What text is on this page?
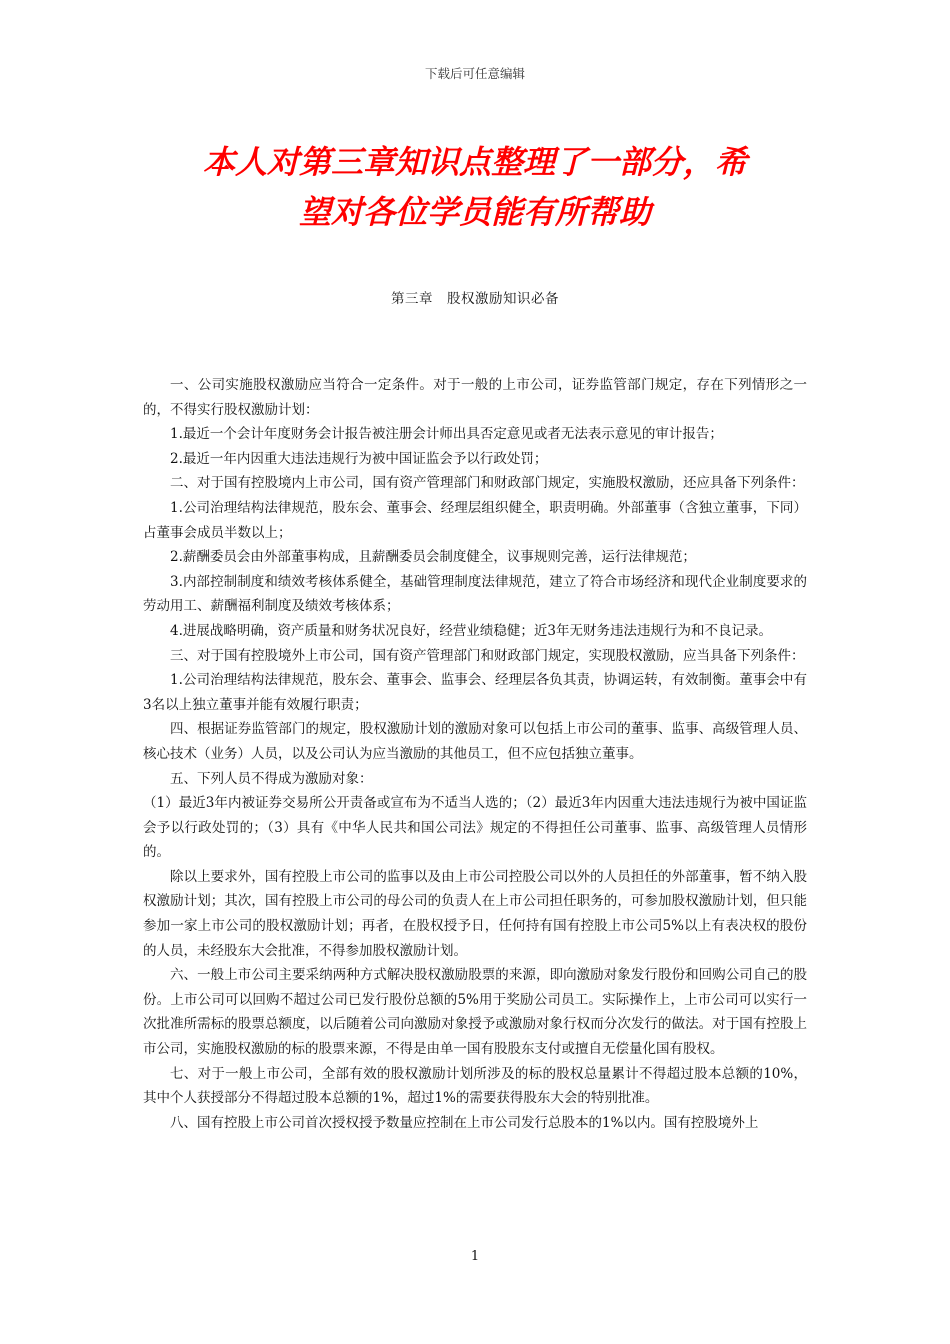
下载后可任意编辑
本人对第三章知识点整理了一部分，希
望对各位学员能有所帮助
第三章　股权激励知识必备

一、公司实施股权激励应当符合一定条件。对于一般的上市公司，证券监管部门规定，存在下列情形之一的，不得实行股权激励计划：

1.最近一个会计年度财务会计报告被注册会计师出具否定意见或者无法表示意见的审计报告；

2.最近一年内因重大违法违规行为被中国证监会予以行政处罚；

二、对于国有控股境内上市公司，国有资产管理部门和财政部门规定，实施股权激励，还应具备下列条件：

1.公司治理结构法律规范，股东会、董事会、经理层组织健全，职责明确。外部董事（含独立董事，下同）占董事会成员半数以上；

2.薪酬委员会由外部董事构成，且薪酬委员会制度健全，议事规则完善，运行法律规范；

3.内部控制制度和绩效考核体系健全，基础管理制度法律规范，建立了符合市场经济和现代企业制度要求的劳动用工、薪酬福利制度及绩效考核体系；

4.进展战略明确，资产质量和财务状况良好，经营业绩稳健；近3年无财务违法违规行为和不良记录。

三、对于国有控股境外上市公司，国有资产管理部门和财政部门规定，实现股权激励，应当具备下列条件：

1.公司治理结构法律规范，股东会、董事会、监事会、经理层各负其责，协调运转，有效制衡。董事会中有3名以上独立董事并能有效履行职责；

四、根据证券监管部门的规定，股权激励计划的激励对象可以包括上市公司的董事、监事、高级管理人员、核心技术（业务）人员，以及公司认为应当激励的其他员工，但不应包括独立董事。

五、下列人员不得成为激励对象：

（1）最近3年内被证券交易所公开责备或宣布为不适当人选的；（2）最近3年内因重大违法违规行为被中国证监会予以行政处罚的；（3）具有《中华人民共和国公司法》规定的不得担任公司董事、监事、高级管理人员情形的。

除以上要求外，国有控股上市公司的监事以及由上市公司控股公司以外的人员担任的外部董事，暂不纳入股权激励计划；其次，国有控股上市公司的母公司的负责人在上市公司担任职务的，可参加股权激励计划，但只能参加一家上市公司的股权激励计划；再者，在股权授予日，任何持有国有控股上市公司5%以上有表决权的股份的人员，未经股东大会批准，不得参加股权激励计划。

六、一般上市公司主要采纳两种方式解决股权激励股票的来源，即向激励对象发行股份和回购公司自己的股份。上市公司可以回购不超过公司已发行股份总额的5%用于奖励公司员工。实际操作上，上市公司可以实行一次批准所需标的股票总额度，以后随着公司向激励对象授予或激励对象行权而分次发行的做法。对于国有控股上市公司，实施股权激励的标的股票来源，不得是由单一国有股股东支付或擅自无偿量化国有股权。

七、对于一般上市公司，全部有效的股权激励计划所涉及的标的股权总量累计不得超过股本总额的10%，其中个人获授部分不得超过股本总额的1%，超过1%的需要获得股东大会的特别批准。

八、国有控股上市公司首次授权授予数量应控制在上市公司发行总股本的1%以内。国有控股境外上

1
